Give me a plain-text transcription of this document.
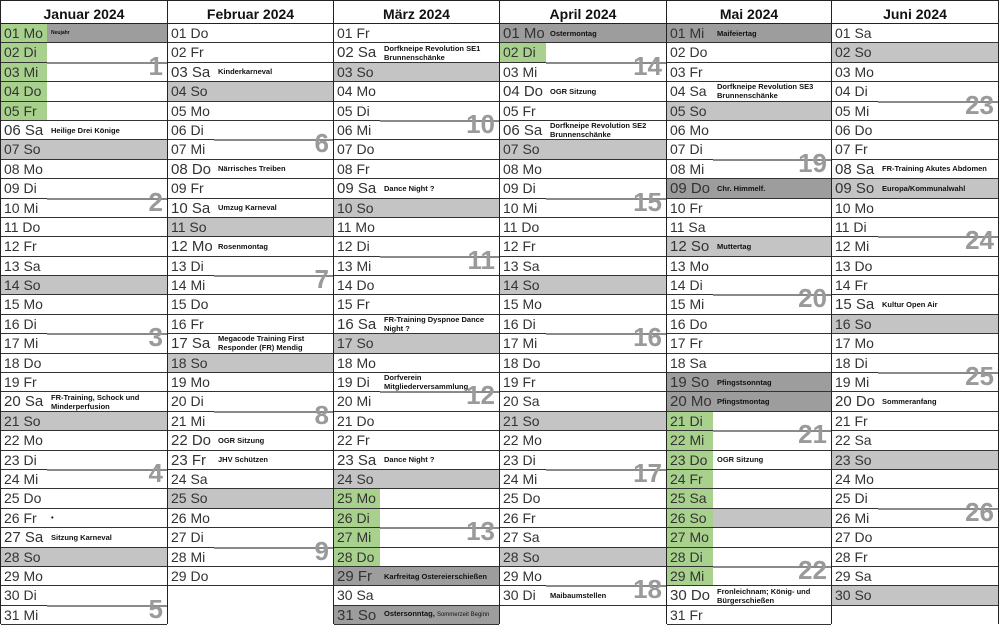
Januar 2024
01 Mo	Neujahr
02 Di
03 Mi	1
04 Do
05 Fr
06 Sa	Heilige Drei Könige
07 So
08 Mo
09 Di
10 Mi	2
11 Do
12 Fr
13 Sa
14 So
15 Mo
16 Di
17 Mi	3
18 Do
19 Fr
20 Sa	FR-Training, Schock und Minderperfusion
21 So
22 Mo
23 Di
24 Mi	4
25 Do
26 Fr	•
27 Sa	Sitzung Karneval
28 So
29 Mo
30 Di
31 Mi	5
Februar 2024
01 Do
02 Fr
03 Sa	Kinderkarneval
04 So
05 Mo
06 Di
07 Mi	6
08 Do Närrisches Treiben
09 Fr
10 Sa	Umzug Karneval
11 So
12 Mo Rosenmontag
13 Di
14 Mi	7
15 Do
16 Fr
17 Sa	Megacode Training First Responder (FR) Mendig
18 So
19 Mo
20 Di
21 Mi	8
22 Do OGR Sitzung
23 Fr	JHV Schützen
24 Sa
25 So
26 Mo
27 Di
28 Mi	9
29 Do
März 2024
01 Fr
02 Sa	Dorfkneipe Revolution SE1 Brunnenschänke
03 So
04 Mo
05 Di
06 Mi	10
07 Do
08 Fr
09 Sa	Dance Night ?
10 So
11 Mo
12 Di
13 Mi	11
14 Do
15 Fr
16 Sa	FR-Training Dyspnoe Dance Night ?
17 So
18 Mo
19 Di	Dorfverein Mitgliederversammlung
20 Mi	12
21 Do
22 Fr
23 Sa	Dance Night ?
24 So
25 Mo
26 Di
27 Mi	13
28 Do
29 Fr	Karfreitag Ostereierschießen
30 Sa
31 So	Ostersonntag, Sommerzeit Beginn
April 2024
01 Mo Ostermontag
02 Di
03 Mi	14
04 Do OGR Sitzung
05 Fr
06 Sa	Dorfkneipe Revolution SE2 Brunnenschänke
07 So
08 Mo
09 Di
10 Mi	15
11 Do
12 Fr
13 Sa
14 So
15 Mo
16 Di
17 Mi	16
18 Do
19 Fr
20 Sa
21 So
22 Mo
23 Di
24 Mi	17
25 Do
26 Fr
27 Sa
28 So
29 Mo
30 Di	Maibaumstellen	18
Mai 2024
01 Mi	Maifeiertag
02 Do
03 Fr
04 Sa	Dorfkneipe Revolution SE3 Brunnenschänke
05 So
06 Mo
07 Di
08 Mi	19
09 Do Chr. Himmelf.
10 Fr
11 Sa
12 So	Muttertag
13 Mo
14 Di
15 Mi	20
16 Do
17 Fr
18 Sa
19 So	Pfingstsonntag
20 Mo Pfingstmontag
21 Di
22 Mi	21
23 Do	OGR Sitzung
24 Fr
25 Sa
26 So
27 Mo
28 Di
29 Mi	22
30 Do Fronleichnam; König- und Bürgerschießen
31 Fr
Juni 2024
01 Sa
02 So
03 Mo
04 Di
05 Mi	23
06 Do
07 Fr
08 Sa	FR-Training Akutes Abdomen
09 So	Europa/Kommunalwahl
10 Mo
11 Di
12 Mi	24
13 Do
14 Fr
15 Sa	Kultur Open Air
16 So
17 Mo
18 Di
19 Mi	25
20 Do Sommeranfang
21 Fr
22 Sa
23 So
24 Mo
25 Di
26 Mi	26
27 Do
28 Fr
29 Sa
30 So
